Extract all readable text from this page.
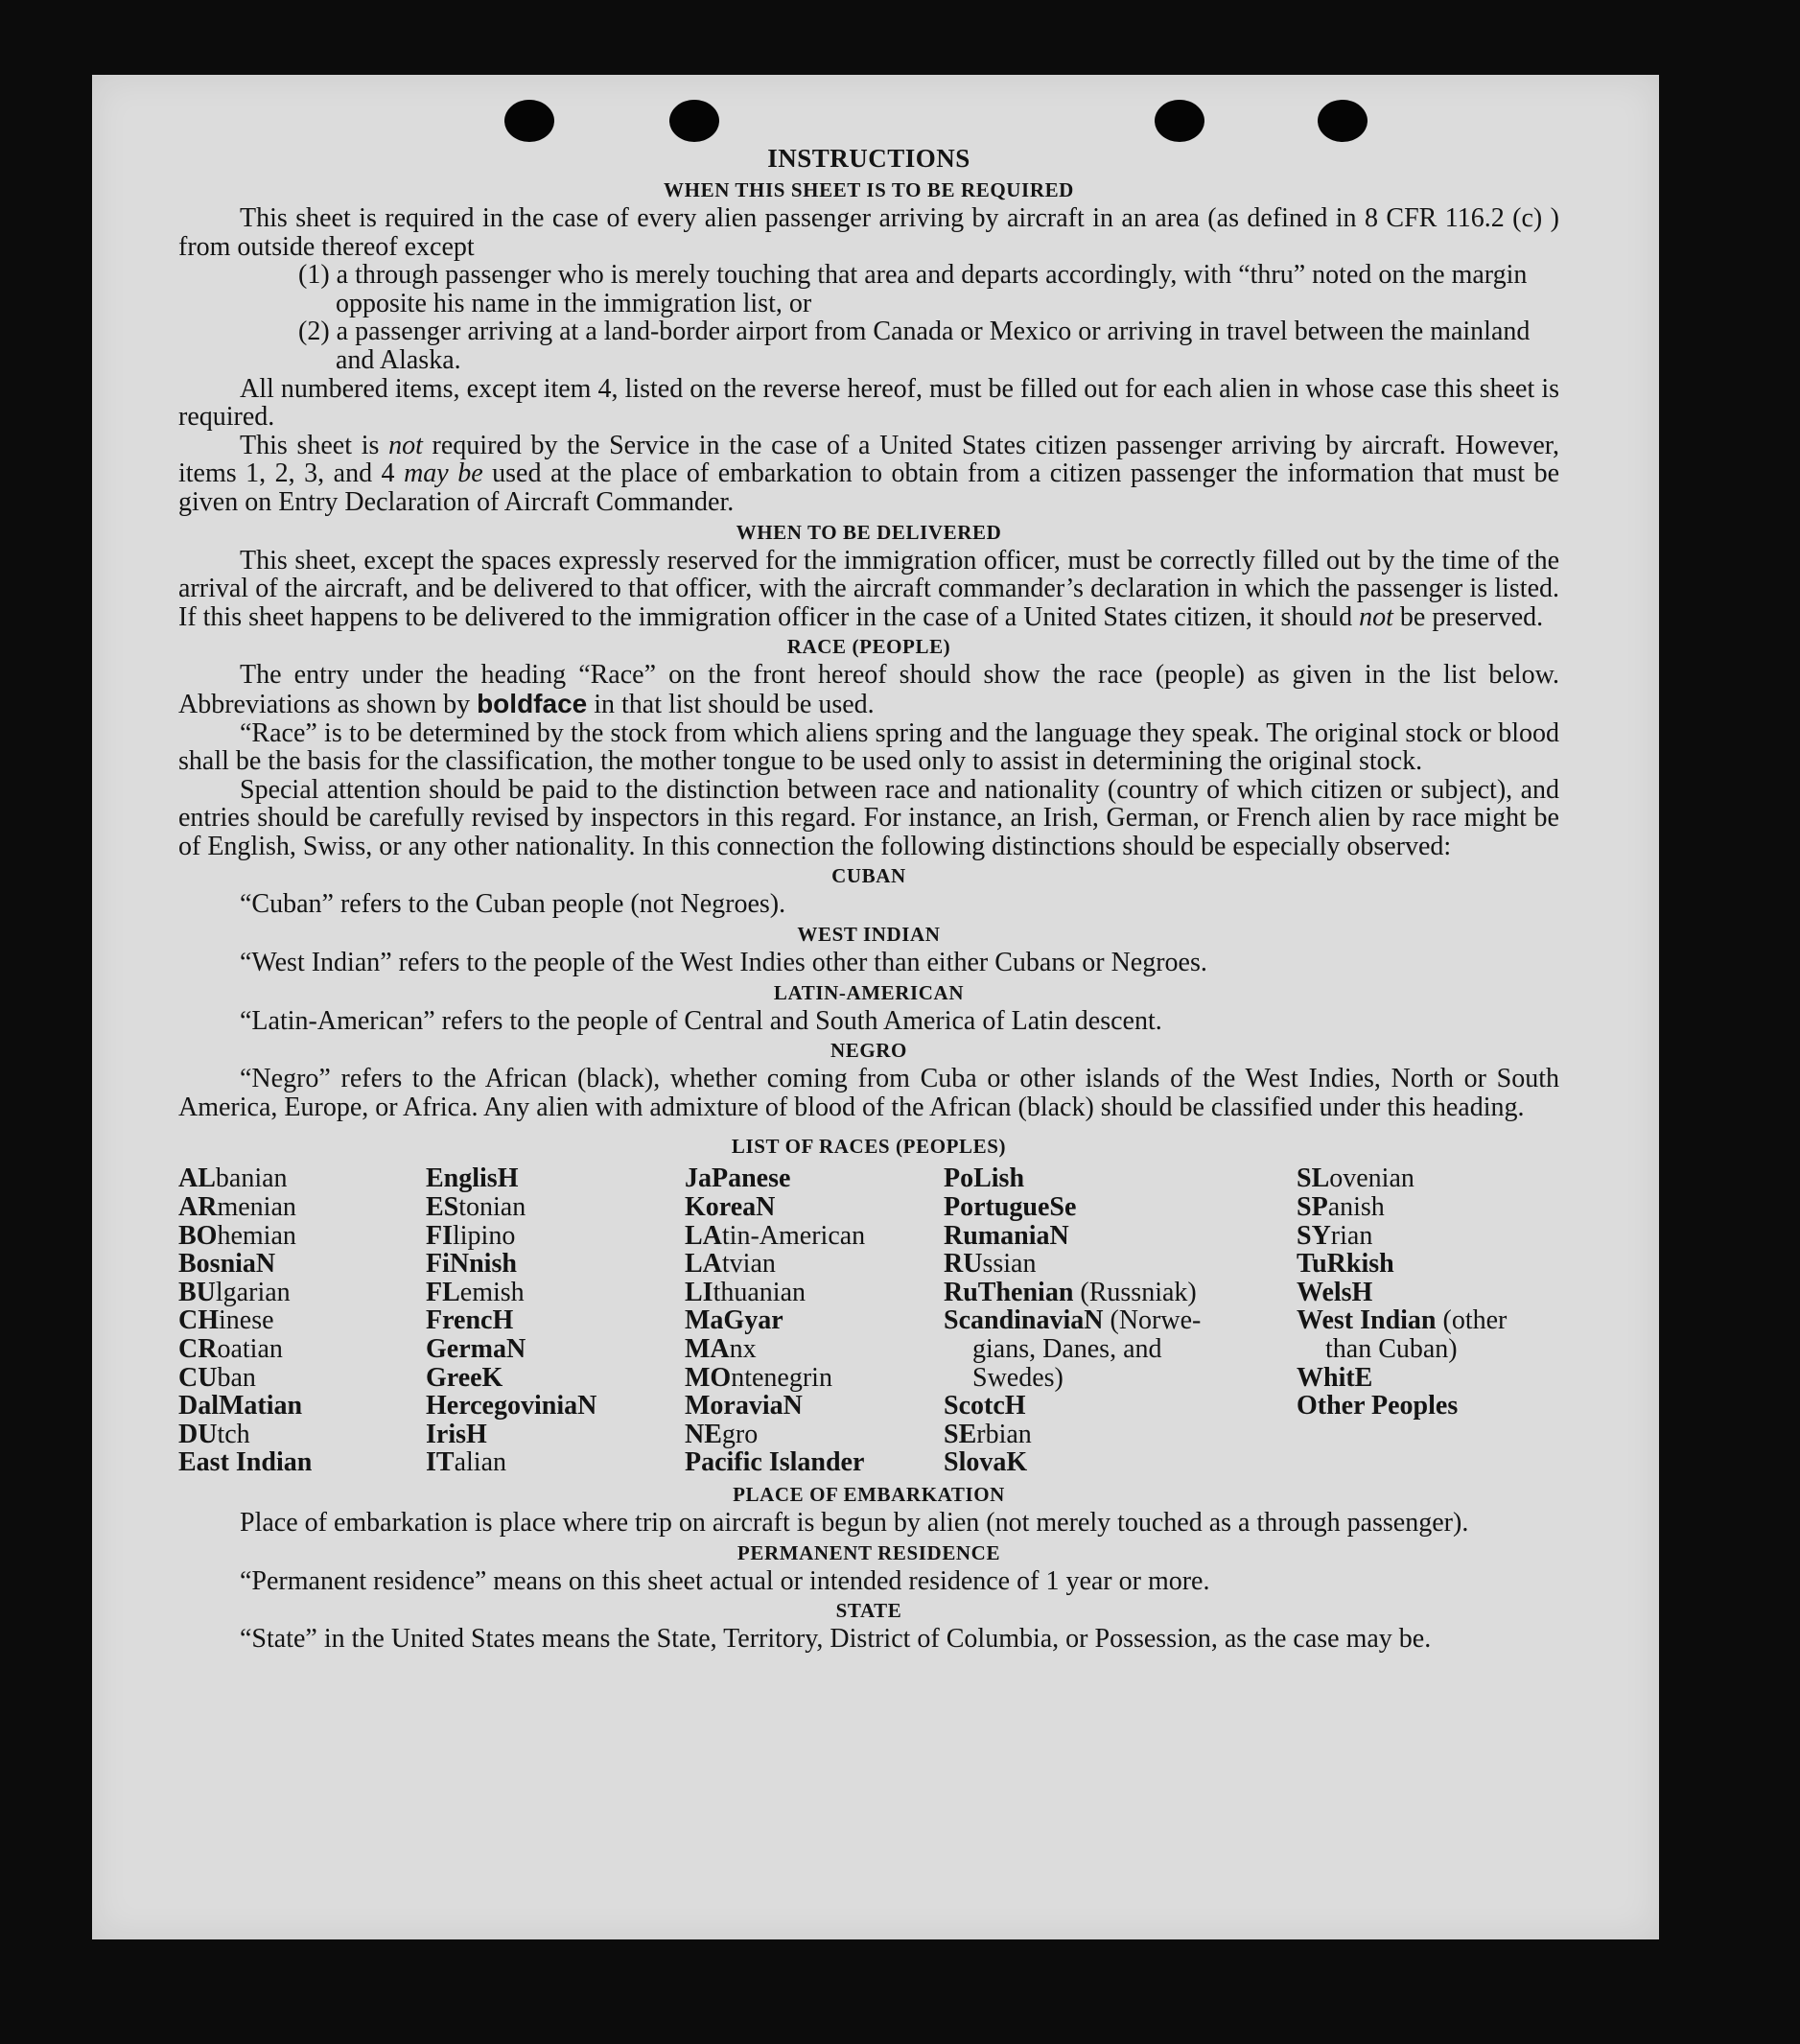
INSTRUCTIONS
WHEN THIS SHEET IS TO BE REQUIRED

This sheet is required in the case of every alien passenger arriving by aircraft in an area (as defined in 8 CFR 116.2 (c) ) from outside thereof except

(1) a through passenger who is merely touching that area and departs accordingly, with “thru” noted on the margin opposite his name in the immigration list, or
(2) a passenger arriving at a land-border airport from Canada or Mexico or arriving in travel between the mainland and Alaska.

All numbered items, except item 4, listed on the reverse hereof, must be filled out for each alien in whose case this sheet is required.

This sheet is not required by the Service in the case of a United States citizen passenger arriving by aircraft. However, items 1, 2, 3, and 4 may be used at the place of embarkation to obtain from a citizen passenger the information that must be given on Entry Declaration of Aircraft Commander.

WHEN TO BE DELIVERED

This sheet, except the spaces expressly reserved for the immigration officer, must be correctly filled out by the time of the arrival of the aircraft, and be delivered to that officer, with the aircraft commander’s declaration in which the passenger is listed. If this sheet happens to be delivered to the immigration officer in the case of a United States citizen, it should not be preserved.

RACE (PEOPLE)

The entry under the heading “Race” on the front hereof should show the race (people) as given in the list below. Abbreviations as shown by boldface in that list should be used.

“Race” is to be determined by the stock from which aliens spring and the language they speak. The original stock or blood shall be the basis for the classification, the mother tongue to be used only to assist in determining the original stock.

Special attention should be paid to the distinction between race and nationality (country of which citizen or subject), and entries should be carefully revised by inspectors in this regard. For instance, an Irish, German, or French alien by race might be of English, Swiss, or any other nationality. In this connection the following distinctions should be especially observed:

CUBAN

“Cuban” refers to the Cuban people (not Negroes).

WEST INDIAN

“West Indian” refers to the people of the West Indies other than either Cubans or Negroes.

LATIN-AMERICAN

“Latin-American” refers to the people of Central and South America of Latin descent.

NEGRO

“Negro” refers to the African (black), whether coming from Cuba or other islands of the West Indies, North or South America, Europe, or Africa. Any alien with admixture of blood of the African (black) should be classified under this heading.

LIST OF RACES (PEOPLES)
ALbanian
ARmenian
BOhemian
BosniaN
BUlgarian
CHinese
CRoatian
CUban
DalMatian
DUtch
East Indian
EnglisH
EStonian
FIlipino
FiNnish
FLemish
FrencH
GermaN
GreeK
HercegovinіaN
IrisH
ITalian
JaPanese
KoreaN
LAtin-American
LAtvian
LIthuanian
MaGyar
MAnx
MOntenegrin
MoraviaN
NEgro
Pacific Islander
PoLish
PortugueSe
RumaniaN
RUssian
RuThenian (Russniak)
ScandinaviaN (Norwe-
gians, Danes, and
Swedes)
ScotcH
SErbian
SlovaK
SLovenian
SPanish
SYrian
TuRkish
WelsH
West Indian (other
than Cuban)
WhitE
Other Peoples
PLACE OF EMBARKATION

Place of embarkation is place where trip on aircraft is begun by alien (not merely touched as a through passenger).

PERMANENT RESIDENCE

“Permanent residence” means on this sheet actual or intended residence of 1 year or more.

STATE

“State” in the United States means the State, Territory, District of Columbia, or Possession, as the case may be.
